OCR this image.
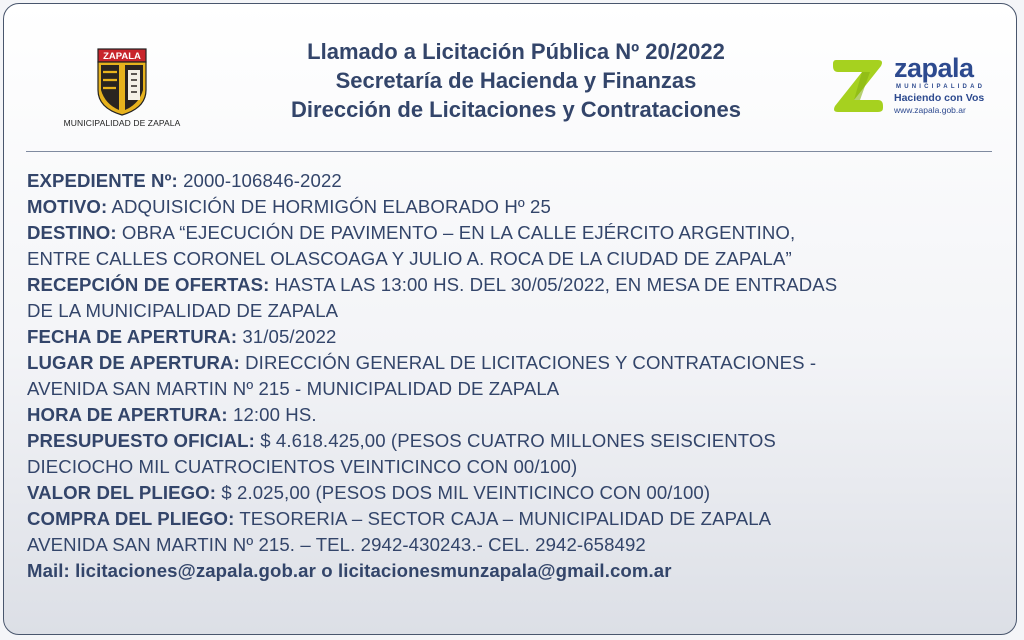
ZAPALA
MUNICIPALIDAD DE ZAPALA
Llamado a Licitación Pública Nº 20/2022
Secretaría de Hacienda y Finanzas
Dirección de Licitaciones y Contrataciones
zapala
MUNICIPALIDAD
Haciendo con Vos
www.zapala.gob.ar
EXPEDIENTE Nº: 2000-106846-2022
MOTIVO: ADQUISICIÓN DE HORMIGÓN ELABORADO Hº 25
DESTINO: OBRA “EJECUCIÓN DE PAVIMENTO – EN LA CALLE EJÉRCITO ARGENTINO,
ENTRE CALLES CORONEL OLASCOAGA Y JULIO A. ROCA DE LA CIUDAD DE ZAPALA”
RECEPCIÓN DE OFERTAS: HASTA LAS 13:00 HS. DEL 30/05/2022, EN MESA DE ENTRADAS
DE LA MUNICIPALIDAD DE ZAPALA
FECHA DE APERTURA: 31/05/2022
LUGAR DE APERTURA: DIRECCIÓN GENERAL DE LICITACIONES Y CONTRATACIONES -
AVENIDA SAN MARTIN Nº 215 - MUNICIPALIDAD DE ZAPALA
HORA DE APERTURA: 12:00 HS.
PRESUPUESTO OFICIAL: $ 4.618.425,00 (PESOS CUATRO MILLONES SEISCIENTOS
DIECIOCHO MIL CUATROCIENTOS VEINTICINCO CON 00/100)
VALOR DEL PLIEGO: $ 2.025,00 (PESOS DOS MIL VEINTICINCO CON 00/100)
COMPRA DEL PLIEGO: TESORERIA – SECTOR CAJA – MUNICIPALIDAD DE ZAPALA
AVENIDA SAN MARTIN Nº 215. – TEL. 2942-430243.- CEL. 2942-658492
Mail: licitaciones@zapala.gob.ar o licitacionesmunzapala@gmail.com.ar
